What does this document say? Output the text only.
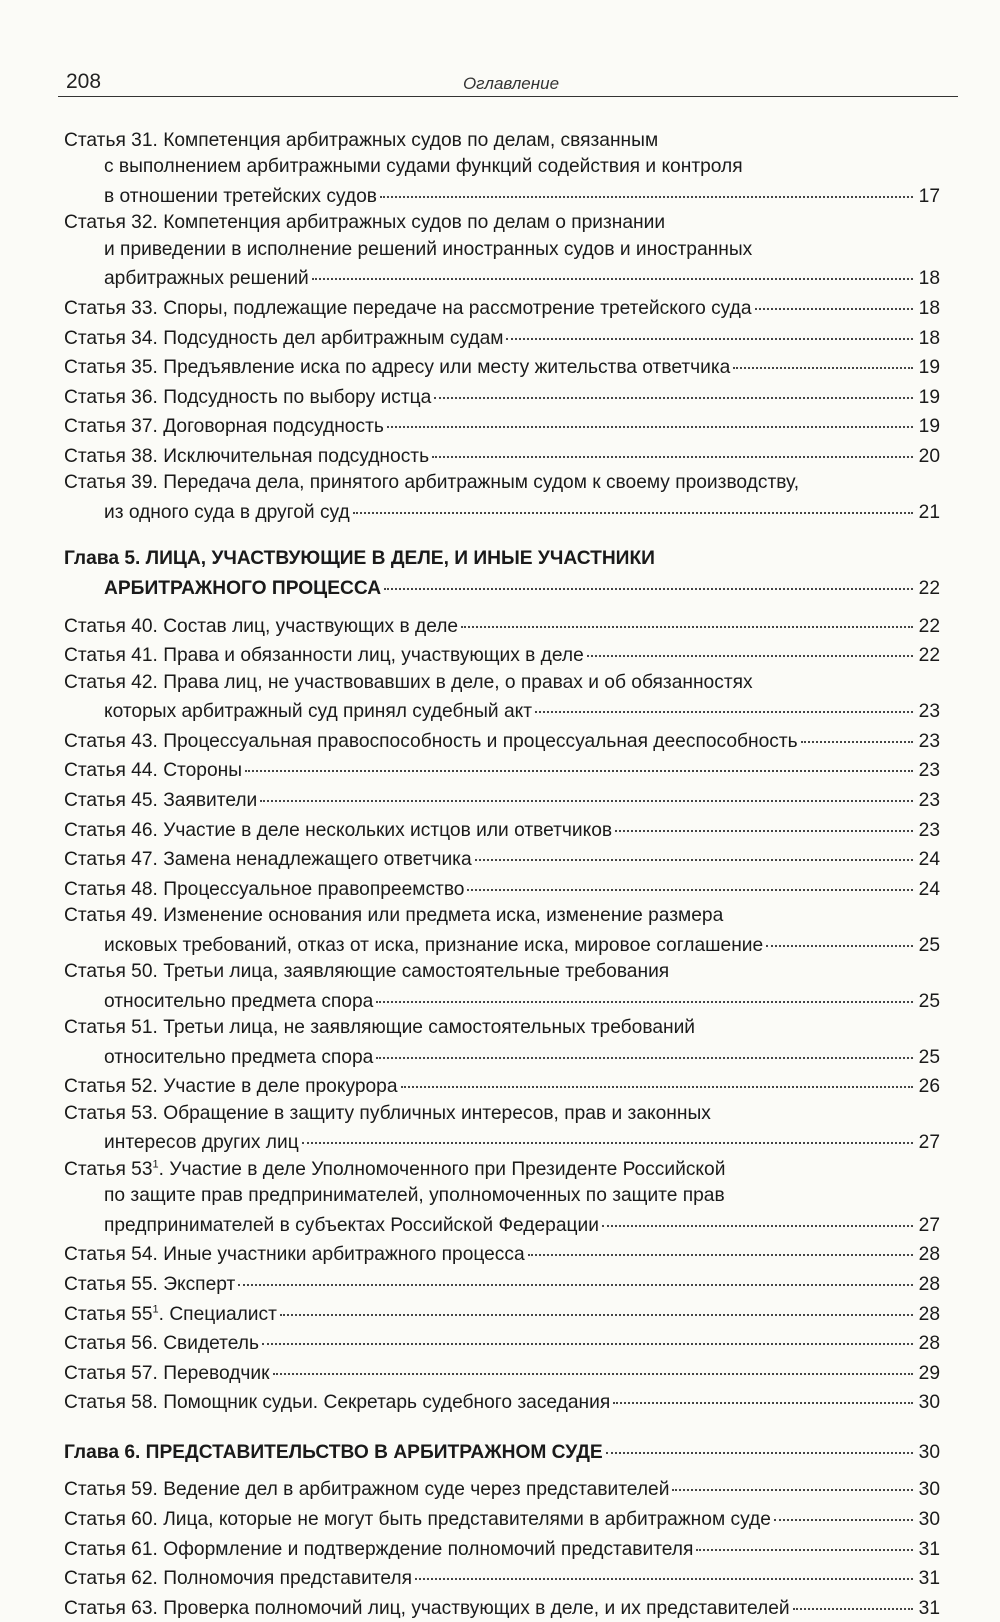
208	Оглавление
Статья 31. Компетенция арбитражных судов по делам, связанным
с выполнением арбитражными судами функций содействия и контроля
в отношении третейских судов	17
Статья 32. Компетенция арбитражных судов по делам о признании
и приведении в исполнение решений иностранных судов и иностранных
арбитражных решений	18
Статья 33. Споры, подлежащие передаче на рассмотрение третейского суда	18
Статья 34. Подсудность дел арбитражным судам	18
Статья 35. Предъявление иска по адресу или месту жительства ответчика	19
Статья 36. Подсудность по выбору истца	19
Статья 37. Договорная подсудность	19
Статья 38. Исключительная подсудность	20
Статья 39. Передача дела, принятого арбитражным судом к своему производству,
из одного суда в другой суд	21
Глава 5. ЛИЦА, УЧАСТВУЮЩИЕ В ДЕЛЕ, И ИНЫЕ УЧАСТНИКИ
АРБИТРАЖНОГО ПРОЦЕССА	22
Статья 40. Состав лиц, участвующих в деле	22
Статья 41. Права и обязанности лиц, участвующих в деле	22
Статья 42. Права лиц, не участвовавших в деле, о правах и об обязанностях
которых арбитражный суд принял судебный акт	23
Статья 43. Процессуальная правоспособность и процессуальная дееспособность	23
Статья 44. Стороны	23
Статья 45. Заявители	23
Статья 46. Участие в деле нескольких истцов или ответчиков	23
Статья 47. Замена ненадлежащего ответчика	24
Статья 48. Процессуальное правопреемство	24
Статья 49. Изменение основания или предмета иска, изменение размера
исковых требований, отказ от иска, признание иска, мировое соглашение	25
Статья 50. Третьи лица, заявляющие самостоятельные требования
относительно предмета спора	25
Статья 51. Третьи лица, не заявляющие самостоятельных требований
относительно предмета спора	25
Статья 52. Участие в деле прокурора	26
Статья 53. Обращение в защиту публичных интересов, прав и законных
интересов других лиц	27
Статья $53^1$. Участие в деле Уполномоченного при Президенте Российской
по защите прав предпринимателей, уполномоченных по защите прав
предпринимателей в субъектах Российской Федерации	27
Статья 54. Иные участники арбитражного процесса	28
Статья 55. Эксперт	28
Статья $55^1$. Специалист	28
Статья 56. Свидетель	28
Статья 57. Переводчик	29
Статья 58. Помощник судьи. Секретарь судебного заседания	30
Глава 6. ПРЕДСТАВИТЕЛЬСТВО В АРБИТРАЖНОМ СУДЕ	30
Статья 59. Ведение дел в арбитражном суде через представителей	30
Статья 60. Лица, которые не могут быть представителями в арбитражном суде	30
Статья 61. Оформление и подтверждение полномочий представителя	31
Статья 62. Полномочия представителя	31
Статья 63. Проверка полномочий лиц, участвующих в деле, и их представителей	31
